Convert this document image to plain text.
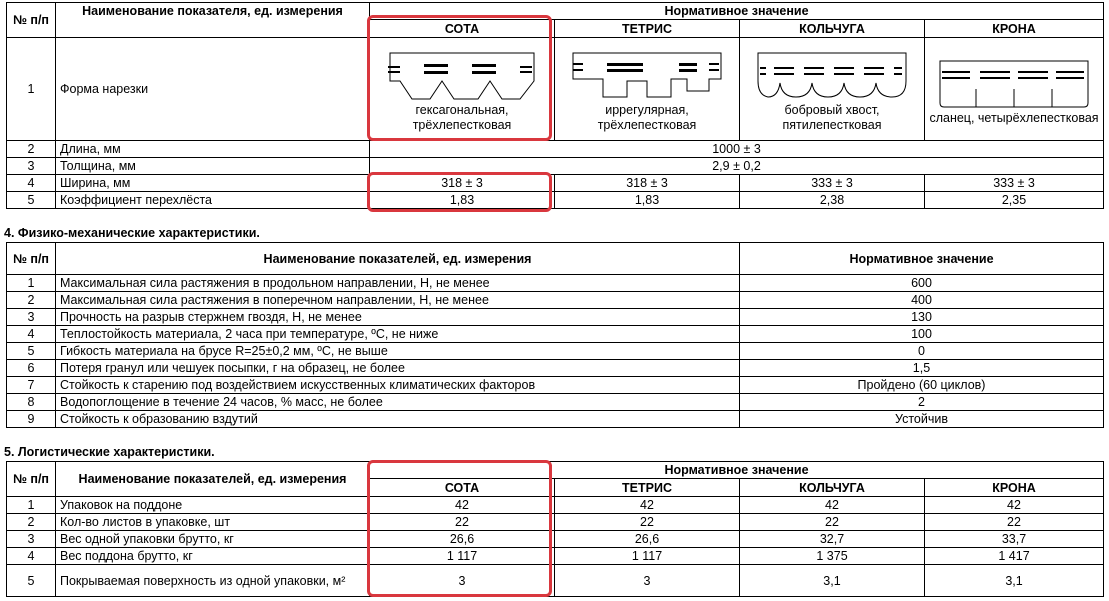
№ п/п	Наименование показателя, ед. измерения	Нормативное значение			
		СОТА	ТЕТРИС	КОЛЬЧУГА	КРОНА
1	Форма нарезки	гексагональная, трёхлепестковая	иррегулярная, трёхлепестковая	бобровый хвост, пятилепестковая	сланец, четырёхлепестковая

2	Длина, мм	1000 ± 3			
3	Толщина, мм	2,9 ± 0,2			
4	Ширина, мм	318 ± 3	318 ± 3	333 ± 3	333 ± 3
5	Коэффициент перехлёста	1,83	1,83	2,38	2,35
4. Физико-механические характеристики.
№ п/п	Наименование показателей, ед. измерения	Нормативное значение
1	Максимальная сила растяжения в продольном направлении, Н, не менее	600
2	Максимальная сила растяжения в поперечном направлении, Н, не менее	400
3	Прочность на разрыв стержнем гвоздя, Н, не менее	130
4	Теплостойкость материала, 2 часа при температуре, ºС, не ниже	100
5	Гибкость материала на брусе R=25±0,2 мм, ºС, не выше	0
6	Потеря гранул или чешуек посыпки, г на образец, не более	1,5
7	Стойкость к старению под воздействием искусственных климатических факторов	Пройдено (60 циклов)
8	Водопоглощение в течение 24 часов, % масс, не более	2
9	Стойкость к образованию вздутий	Устойчив
5. Логистические характеристики.
№ п/п	Наименование показателей, ед. измерения	Нормативное значение			
		СОТА	ТЕТРИС	КОЛЬЧУГА	КРОНА
1	Упаковок на поддоне	42	42	42	42
2	Кол-во листов в упаковке, шт	22	22	22	22
3	Вес одной упаковки брутто, кг	26,6	26,6	32,7	33,7
4	Вес поддона брутто, кг	1 117	1 117	1 375	1 417
5	Покрываемая поверхность из одной упаковки, м²	3	3	3,1	3,1
